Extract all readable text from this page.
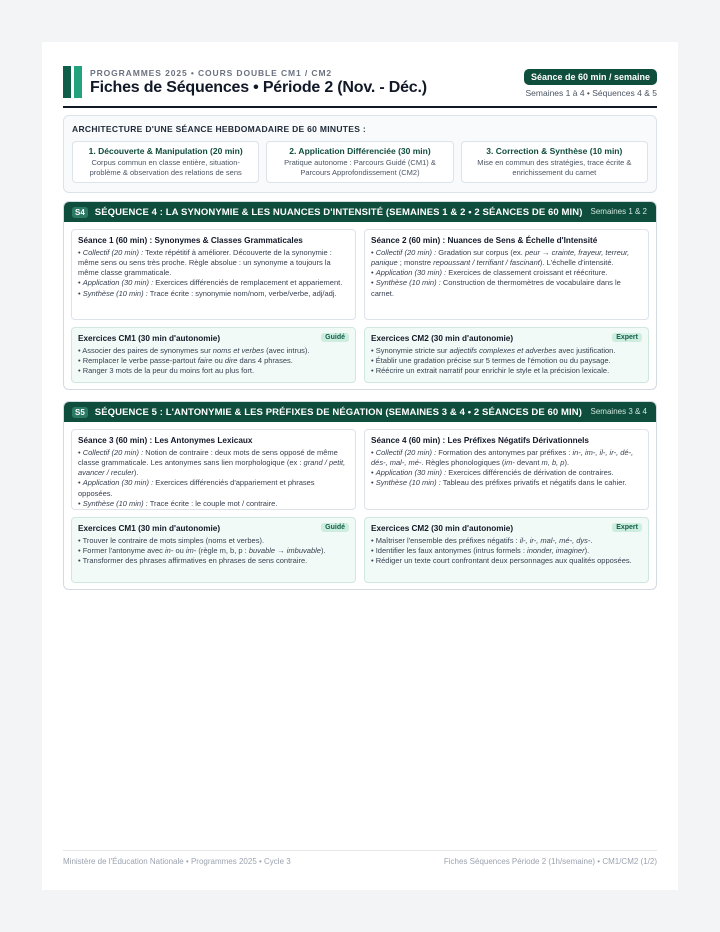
PROGRAMMES 2025 • COURS DOUBLE CM1 / CM2
Fiches de Séquences • Période 2 (Nov. - Déc.)
Séance de 60 min / semaine
Semaines 1 à 4 • Séquences 4 & 5
ARCHITECTURE D'UNE SÉANCE HEBDOMADAIRE DE 60 MINUTES :
1. Découverte & Manipulation (20 min)
Corpus commun en classe entière, situation-problème & observation des relations de sens
2. Application Différenciée (30 min)
Pratique autonome : Parcours Guidé (CM1) & Parcours Approfondissement (CM2)
3. Correction & Synthèse (10 min)
Mise en commun des stratégies, trace écrite & enrichissement du carnet
S4	SÉQUENCE 4 : LA SYNONYMIE & LES NUANCES D'INTENSITÉ (SEMAINES 1 & 2 • 2 SÉANCES DE 60 MIN) Semaines 1 & 2
Séance 1 (60 min) : Synonymes & Classes Grammaticales
• Collectif (20 min) : Texte répétitif à améliorer. Découverte de la synonymie : même sens ou sens très proche. Règle absolue : un synonyme a toujours la même classe grammaticale.
• Application (30 min) : Exercices différenciés de remplacement et appariement.
• Synthèse (10 min) : Trace écrite : synonymie nom/nom, verbe/verbe, adj/adj.
Séance 2 (60 min) : Nuances de Sens & Échelle d'Intensité
• Collectif (20 min) : Gradation sur corpus (ex. peur → crainte, frayeur, terreur, panique ; monstre repoussant / terrifiant / fascinant). L'échelle d'intensité.
• Application (30 min) : Exercices de classement croissant et réécriture.
• Synthèse (10 min) : Construction de thermomètres de vocabulaire dans le carnet.
Exercices CM1 (30 min d'autonomie)	Guidé
• Associer des paires de synonymes sur noms et verbes (avec intrus).
• Remplacer le verbe passe-partout faire ou dire dans 4 phrases.
• Ranger 3 mots de la peur du moins fort au plus fort.
Exercices CM2 (30 min d'autonomie)	Expert
• Synonymie stricte sur adjectifs complexes et adverbes avec justification.
• Établir une gradation précise sur 5 termes de l'émotion ou du paysage.
• Réécrire un extrait narratif pour enrichir le style et la précision lexicale.
S5	SÉQUENCE 5 : L'ANTONYMIE & LES PRÉFIXES DE NÉGATION (SEMAINES 3 & 4 • 2 SÉANCES DE 60 MIN) Semaines 3 & 4
Séance 3 (60 min) : Les Antonymes Lexicaux
• Collectif (20 min) : Notion de contraire : deux mots de sens opposé de même classe grammaticale. Les antonymes sans lien morphologique (ex : grand / petit, avancer / reculer).
• Application (30 min) : Exercices différenciés d'appariement et phrases opposées.
• Synthèse (10 min) : Trace écrite : le couple mot / contraire.
Séance 4 (60 min) : Les Préfixes Négatifs Dérivationnels
• Collectif (20 min) : Formation des antonymes par préfixes : in-, im-, il-, ir-, dé-, dés-, mal-, mé-. Règles phonologiques (im- devant m, b, p).
• Application (30 min) : Exercices différenciés de dérivation de contraires.
• Synthèse (10 min) : Tableau des préfixes privatifs et négatifs dans le cahier.
Exercices CM1 (30 min d'autonomie)	Guidé
• Trouver le contraire de mots simples (noms et verbes).
• Former l'antonyme avec in- ou im- (règle m, b, p : buvable → imbuvable).
• Transformer des phrases affirmatives en phrases de sens contraire.
Exercices CM2 (30 min d'autonomie)	Expert
• Maîtriser l'ensemble des préfixes négatifs : il-, ir-, mal-, mé-, dys-.
• Identifier les faux antonymes (intrus formels : inonder, imaginer).
• Rédiger un texte court confrontant deux personnages aux qualités opposées.
Ministère de l'Éducation Nationale • Programmes 2025 • Cycle 3	Fiches Séquences Période 2 (1h/semaine) • CM1/CM2 (1/2)
